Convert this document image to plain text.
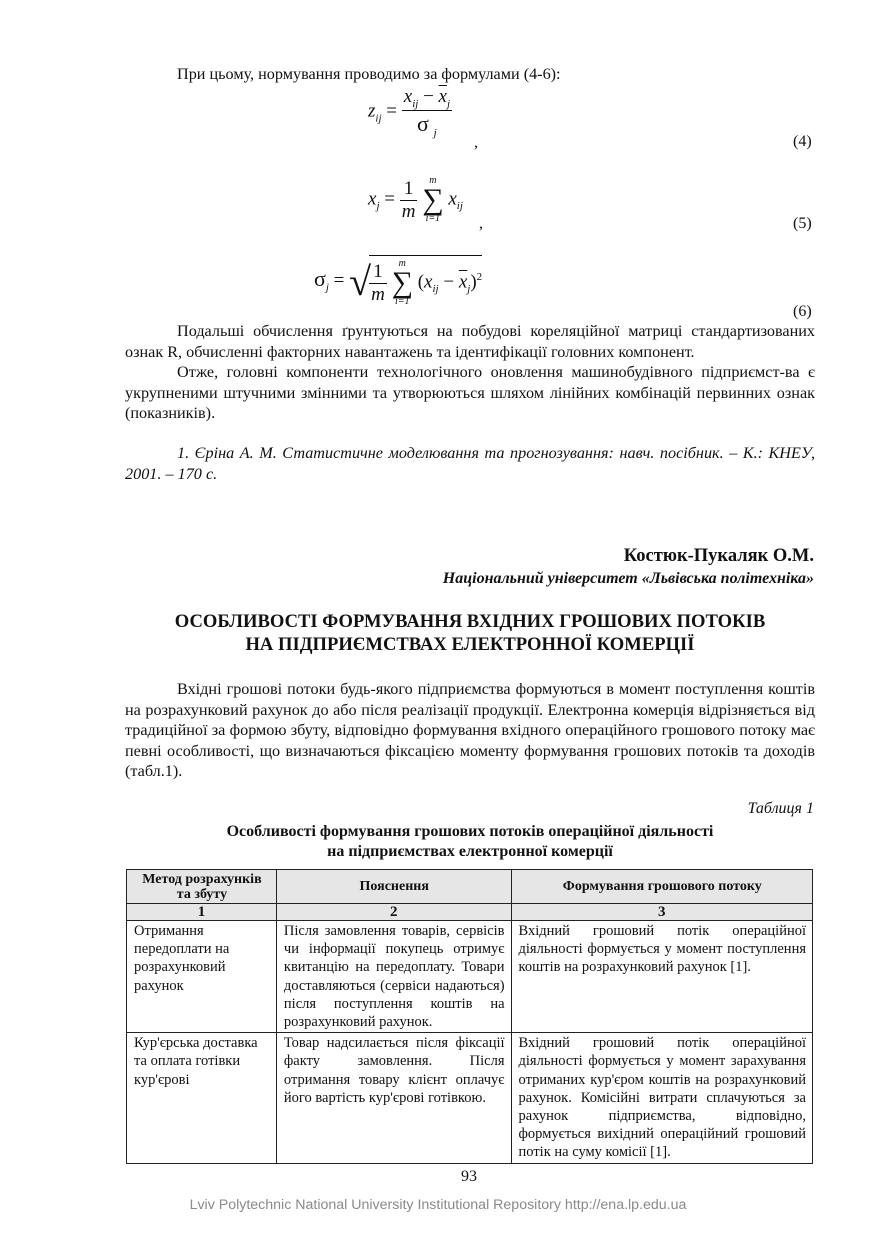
При цьому, нормування проводимо за формулами (4-6):
$z_{ij} = \frac{x_{ij} - \overline{x}_j}{\sigma _j}$
,	(4)
$x_j = \frac{1}{m}$
	m
∑
i=1
$x_{ij}$
,	(5)
$\sigma_j$ = √
$\frac{1}{m}$
	m
∑
i=1
$(x_{ij} - \overline{x}_j)^2$
(6)

Подальші обчислення ґрунтуються на побудові кореляційної матриці стандартизованих ознак R, обчисленні факторних навантажень та ідентифікації головних компонент.

Отже, головні компоненти технологічного оновлення машинобудівного підприємст-ва є укрупненими штучними змінними та утворюються шляхом лінійних комбінацій первинних ознак (показників).

1. Єріна А. М. Статистичне моделювання та прогнозування: навч. посібник. – К.: КНЕУ, 2001. – 170 с.
Костюк-Пукаляк О.М.
Національний університет «Львівська політехніка»
ОСОБЛИВОСТІ ФОРМУВАННЯ ВХІДНИХ ГРОШОВИХ ПОТОКІВ
НА ПІДПРИЄМСТВАХ ЕЛЕКТРОННОЇ КОМЕРЦІЇ
Вхідні грошові потоки будь-якого підприємства формуються в момент поступлення коштів на розрахунковий рахунок до або після реалізації продукції. Електронна комерція відрізняється від традиційної за формою збуту, відповідно формування вхідного операційного грошового потоку має певні особливості, що визначаються фіксацією моменту формування грошових потоків та доходів (табл.1).
Таблиця 1
Особливості формування грошових потоків операційної діяльності
на підприємствах електронної комерції
Метод розрахунків та збуту	Пояснення	Формування грошового потоку
1	2	3
Отримання передоплати на розрахунковий рахунок	Після замовлення товарів, сервісів чи інформації покупець отримує квитанцію на передоплату. Товари доставляються (сервіси надаються) після поступлення коштів на розрахунковий рахунок.	Вхідний грошовий потік операційної діяльності формується у момент поступлення коштів на розрахунковий рахунок [1].
Кур'єрська доставка та оплата готівки кур'єрові	Товар надсилається після фіксації факту замовлення. Після отримання товару клієнт оплачує його вартість кур'єрові готівкою.	Вхідний грошовий потік операційної діяльності формується у момент зарахування отриманих кур'єром коштів на розрахунковий рахунок. Комісійні витрати сплачуються за рахунок підприємства, відповідно, формується вихідний операційний грошовий потік на суму комісії [1].
93
Lviv Polytechnic National University Institutional Repository http://ena.lp.edu.ua
